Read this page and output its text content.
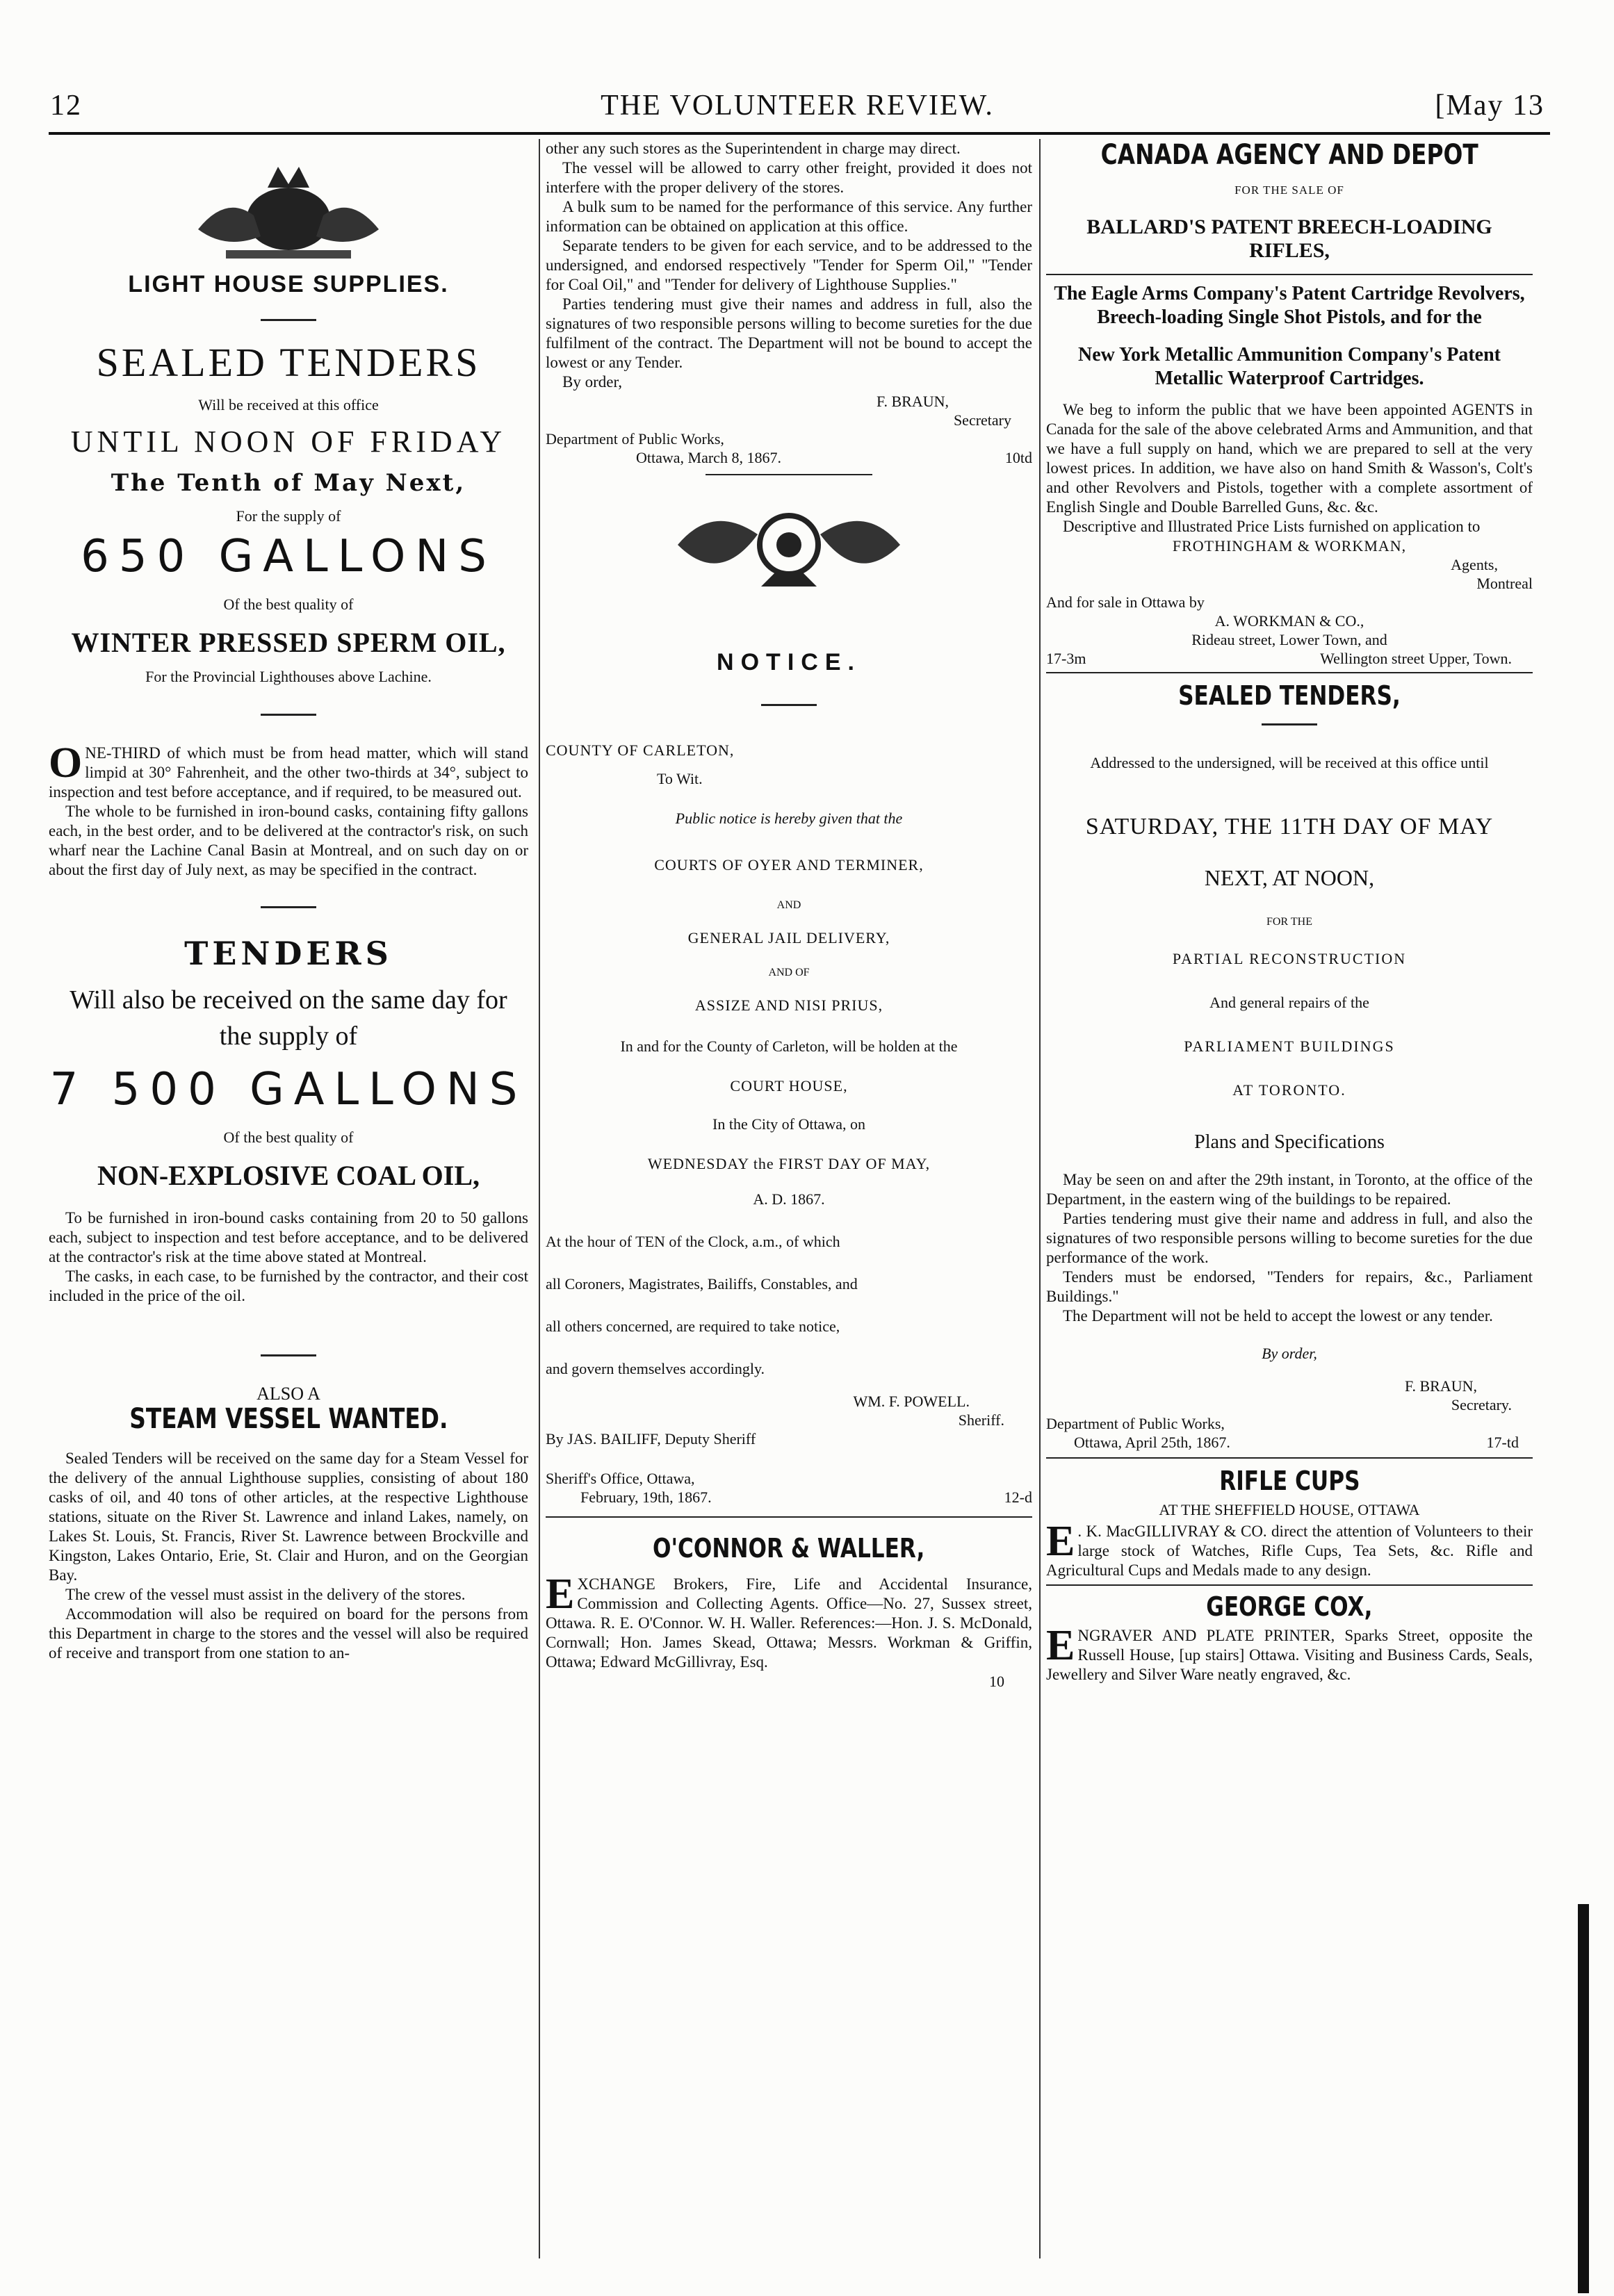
12	THE VOLUNTEER REVIEW.	[May 13
LIGHT HOUSE SUPPLIES.
SEALED TENDERS
Will be received at this office
UNTIL NOON OF FRIDAY
The Tenth of May Next,
For the supply of
650 GALLONS
Of the best quality of
WINTER PRESSED SPERM OIL,
For the Provincial Lighthouses above Lachine.

ONE-THIRD of which must be from head matter, which will stand limpid at 30° Fahrenheit, and the other two-thirds at 34°, subject to inspection and test before acceptance, and if required, to be measured out.

The whole to be furnished in iron-bound casks, containing fifty gallons each, in the best order, and to be delivered at the contractor's risk, on such wharf near the Lachine Canal Basin at Montreal, and on such day on or about the first day of July next, as may be specified in the contract.

TENDERS
Will also be received on the same day for the supply of
7 500 GALLONS
Of the best quality of
NON-EXPLOSIVE COAL OIL,

To be furnished in iron-bound casks containing from 20 to 50 gallons each, subject to inspection and test before acceptance, and to be delivered at the contractor's risk at the time above stated at Montreal.

The casks, in each case, to be furnished by the contractor, and their cost included in the price of the oil.

ALSO A
STEAM VESSEL WANTED.

Sealed Tenders will be received on the same day for a Steam Vessel for the delivery of the annual Lighthouse supplies, consisting of about 180 casks of oil, and 40 tons of other articles, at the respective Lighthouse stations, situate on the River St. Lawrence and inland Lakes, namely, on Lakes St. Louis, St. Francis, River St. Lawrence between Brockville and Kingston, Lakes Ontario, Erie, St. Clair and Huron, and on the Georgian Bay.

The crew of the vessel must assist in the delivery of the stores.

Accommodation will also be required on board for the persons from this Department in charge to the stores and the vessel will also be required of receive and transport from one station to an-

other any such stores as the Superintendent in charge may direct.

The vessel will be allowed to carry other freight, provided it does not interfere with the proper delivery of the stores.

A bulk sum to be named for the performance of this service. Any further information can be obtained on application at this office.

Separate tenders to be given for each service, and to be addressed to the undersigned, and endorsed respectively "Tender for Sperm Oil," "Tender for Coal Oil," and "Tender for delivery of Lighthouse Supplies."

Parties tendering must give their names and address in full, also the signatures of two responsible persons willing to become sureties for the due fulfilment of the contract. The Department will not be bound to accept the lowest or any Tender.

By order,

F. BRAUN,
Secretary
Department of Public Works,
Ottawa, March 8, 1867.	10td
NOTICE.
COUNTY OF CARLETON,
To Wit.
Public notice is hereby given that the
COURTS OF OYER AND TERMINER,
AND
GENERAL JAIL DELIVERY,
AND OF
ASSIZE AND NISI PRIUS,
In and for the County of Carleton, will be holden at the
COURT HOUSE,
In the City of Ottawa, on
WEDNESDAY the FIRST DAY OF MAY,
A. D. 1867.
At the hour of TEN of the Clock, a.m., of which
all Coroners, Magistrates, Bailiffs, Constables, and
all others concerned, are required to take notice,
and govern themselves accordingly.
WM. F. POWELL.
Sheriff.
By JAS. BAILIFF, Deputy Sheriff
Sheriff's Office, Ottawa,
February, 19th, 1867.	12-d
O'CONNOR & WALLER,

EXCHANGE Brokers, Fire, Life and Accidental Insurance, Commission and Collecting Agents. Office—No. 27, Sussex street, Ottawa. R. E. O'Connor. W. H. Waller. References:—Hon. J. S. McDonald, Cornwall; Hon. James Skead, Ottawa; Messrs. Workman & Griffin, Ottawa; Edward McGillivray, Esq.

10
CANADA AGENCY AND DEPOT
FOR THE SALE OF
BALLARD'S PATENT BREECH-LOADING RIFLES,
The Eagle Arms Company's Patent Cartridge Revolvers, Breech-loading Single Shot Pistols, and for the
New York Metallic Ammunition Company's Patent Metallic Waterproof Cartridges.

We beg to inform the public that we have been appointed AGENTS in Canada for the sale of the above celebrated Arms and Ammunition, and that we have a full supply on hand, which we are prepared to sell at the very lowest prices. In addition, we have also on hand Smith & Wasson's, Colt's and other Revolvers and Pistols, together with a complete assortment of English Single and Double Barrelled Guns, &c. &c.

Descriptive and Illustrated Price Lists furnished on application to

FROTHINGHAM & WORKMAN,
Agents,
Montreal
And for sale in Ottawa by
A. WORKMAN & CO.,
Rideau street, Lower Town, and
17-3m	Wellington street Upper, Town.
SEALED TENDERS,
Addressed to the undersigned, will be received at this office until
SATURDAY, THE 11TH DAY OF MAY
NEXT, AT NOON,
FOR THE
PARTIAL RECONSTRUCTION
And general repairs of the
PARLIAMENT BUILDINGS
AT TORONTO.
Plans and Specifications

May be seen on and after the 29th instant, in Toronto, at the office of the Department, in the eastern wing of the buildings to be repaired.

Parties tendering must give their name and address in full, and also the signatures of two responsible persons willing to become sureties for the due performance of the work.

Tenders must be endorsed, "Tenders for repairs, &c., Parliament Buildings."

The Department will not be held to accept the lowest or any tender.

By order,
F. BRAUN,
Secretary.
Department of Public Works,
Ottawa, April 25th, 1867.	17-td
RIFLE CUPS
AT THE SHEFFIELD HOUSE, OTTAWA

E . K. MacGILLIVRAY & CO. direct the attention of Volunteers to their large stock of Watches, Rifle Cups, Tea Sets, &c. Rifle and Agricultural Cups and Medals made to any design.

GEORGE COX,

ENGRAVER AND PLATE PRINTER, Sparks Street, opposite the Russell House, [up stairs] Ottawa. Visiting and Business Cards, Seals, Jewellery and Silver Ware neatly engraved, &c.
